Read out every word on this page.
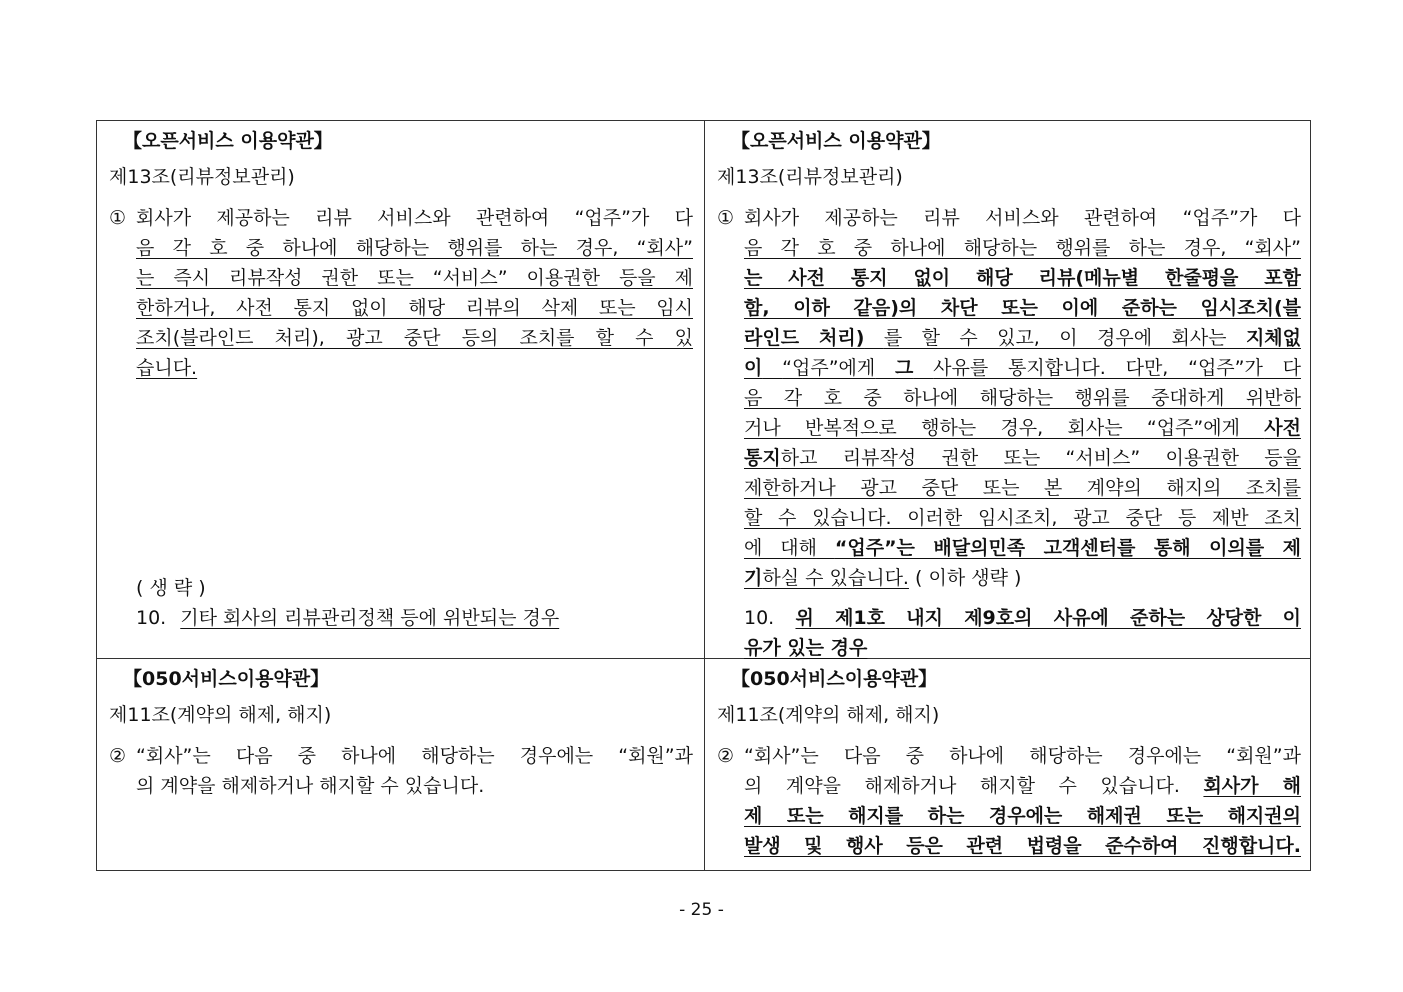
【오픈서비스 이용약관】

제13조(리뷰정보관리)

① 회사가 제공하는 리뷰 서비스와 관련하여 “업주”가 다
음 각 호 중 하나에 해당하는 행위를 하는 경우, “회사”
는 즉시 리뷰작성 권한 또는 “서비스” 이용권한 등을 제
한하거나, 사전 통지 없이 해당 리뷰의 삭제 또는 임시
조치(블라인드 처리), 광고 중단 등의 조치를 할 수 있
습니다.
( 생 략 )
10. 기타 회사의 리뷰관리정책 등에 위반되는 경우

【오픈서비스 이용약관】

제13조(리뷰정보관리)

① 회사가 제공하는 리뷰 서비스와 관련하여 “업주”가 다
음 각 호 중 하나에 해당하는 행위를 하는 경우, “회사”
는 사전 통지 없이 해당 리뷰(메뉴별 한줄평을 포함
함, 이하 같음)의 차단 또는 이에 준하는 임시조치(블
라인드 처리) 를 할 수 있고, 이 경우에 회사는 지체없
이 “업주”에게 그 사유를 통지합니다. 다만, “업주”가 다
음 각 호 중 하나에 해당하는 행위를 중대하게 위반하
거나 반복적으로 행하는 경우, 회사는 “업주”에게 사전
통지하고 리뷰작성 권한 또는 “서비스” 이용권한 등을
제한하거나 광고 중단 또는 본 계약의 해지의 조치를
할 수 있습니다. 이러한 임시조치, 광고 중단 등 제반 조치
에 대해 “업주”는 배달의민족 고객센터를 통해 이의를 제
기하실 수 있습니다. ( 이하 생략 )
10. 위 제1호 내지 제9호의 사유에 준하는 상당한 이
유가 있는 경우

【050서비스이용약관】

제11조(계약의 해제, 해지)

② “회사”는 다음 중 하나에 해당하는 경우에는 “회원”과
의 계약을 해제하거나 해지할 수 있습니다.

【050서비스이용약관】

제11조(계약의 해제, 해지)

② “회사”는 다음 중 하나에 해당하는 경우에는 “회원”과
의 계약을 해제하거나 해지할 수 있습니다. 회사가 해
제 또는 해지를 하는 경우에는 해제권 또는 해지권의
발생 및 행사 등은 관련 법령을 준수하여 진행합니다.
- 25 -
